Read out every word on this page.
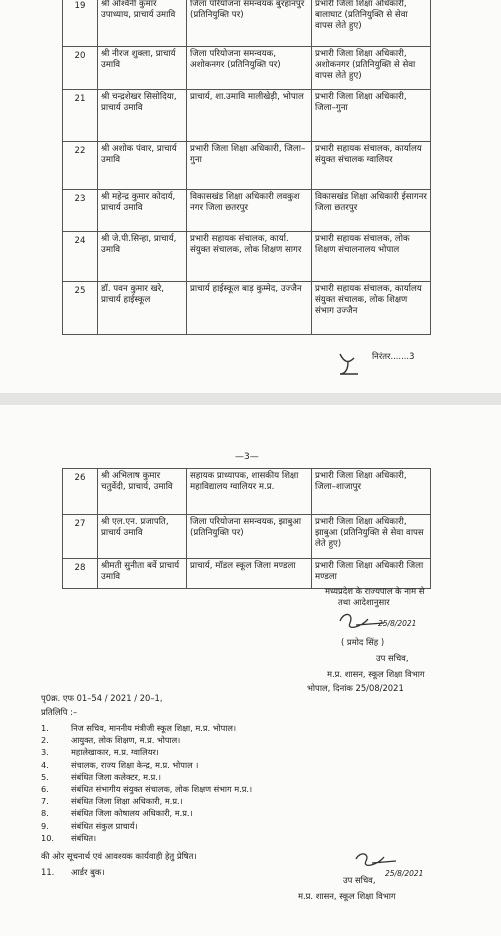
19	श्री अश्विनी कुमार उपाध्याय, प्राचार्य उमावि	जिला परियोजना समन्वयक बुरहानपुर (प्रतिनियुक्ति पर)	प्रभारी जिला शिक्षा अधिकारी, बालाघाट (प्रतिनियुक्ति से सेवा वापस लेते हुए)
20	श्री नीरज शुक्ला, प्राचार्य उमावि	जिला परियोजना समन्वयक, अशोकनगर (प्रतिनियुक्ति पर)	प्रभारी जिला शिक्षा अधिकारी, अशोकनगर (प्रतिनियुक्ति से सेवा वापस लेते हुए)
21	श्री चन्द्रशेखर सिसोदिया, प्राचार्य उमावि	प्राचार्य, शा.उमावि मालीखेड़ी, भोपाल	प्रभारी जिला शिक्षा अधिकारी, जिला–गुना
22	श्री अशोक पंवार, प्राचार्य उमावि	प्रभारी जिला शिक्षा अधिकारी, जिला–गुना	प्रभारी सहायक संचालक, कार्यालय संयुक्त संचालक ग्वालियर
23	श्री महेन्द्र कुमार कोदार्य, प्राचार्य उमावि	विकासखंड शिक्षा अधिकारी लवकुश नगर जिला छतरपुर	विकासखंड शिक्षा अधिकारी ईसागनर जिला छतरपुर
24	श्री जे.पी.सिन्हा, प्राचार्य, उमावि	प्रभारी सहायक संचालक, कार्या. संयुक्त संचालक, लोक शिक्षण सागर	प्रभारी सहायक संचालक, लोक शिक्षण संचालनालय भोपाल
25	डॉ. पवन कुमार खरे, प्राचार्य हाईस्कूल	प्राचार्य हाईस्कूल बाड़ कुम्मेद, उज्जैन	प्रभारी सहायक संचालक, कार्यालय संयुक्त संचालक, लोक शिक्षण संभाग उज्जैन
निरंतर.......3
—3—
26	श्री अभिलाष कुमार चतुर्वेदी, प्राचार्य, उमावि	सहायक प्राध्यापक, शासकीय शिक्षा महाविद्यालय ग्वालियर म.प्र.	प्रभारी जिला शिक्षा अधिकारी, जिला–शाजापुर
27	श्री एल.एन. प्रजापति, प्राचार्य उमावि	जिला परियोजना समन्वयक, झाबुआ (प्रतिनियुक्ति पर)	प्रभारी जिला शिक्षा अधिकारी, झाबुआ (प्रतिनियुक्ति से सेवा वापस लेते हुए)
28	श्रीमती सुनीता बर्वे प्राचार्य उमावि	प्राचार्य, मॉडल स्कूल जिला मण्डला	प्रभारी जिला शिक्षा अधिकारी जिला मण्डला
मध्यप्रदेश के राज्यपाल के नाम से
तथा आदेशानुसार
25/8/2021
( प्रमोद सिंह )
उप सचिव,
म.प्र. शासन, स्कूल शिक्षा विभाग
पृ0क्र. एफ 01–54 / 2021 / 20–1,
भोपाल, दिनांक 25/08/2021
प्रतिलिपि :–
1.	निज सचिव, माननीय मंत्रीजी स्कूल शिक्षा, म.प्र. भोपाल।
2.	आयुक्त, लोक शिक्षण, म.प्र. भोपाल।
3.	महालेखाकार, म.प्र. ग्वालियर।
4.	संचालक, राज्य शिक्षा केन्द्र, म.प्र. भोपाल ।
5.	संबंधित जिला कलेक्टर, म.प्र.।
6.	संबंधित संभागीय संयुक्त संचालक, लोक शिक्षण संभाग म.प्र.।
7.	संबंधित जिला शिक्षा अधिकारी, म.प्र.।
8.	संबंधित जिला कोषालय अधिकारी, म.प्र.।
9.	संबंधित संकुल प्राचार्य।
10. संबंधित।
की ओर सूचनार्थ एवं आवश्यक कार्यवाही हेतु प्रेषित।
11. आर्डर बुक।
उप सचिव,
25/8/2021
म.प्र. शासन, स्कूल शिक्षा विभाग
